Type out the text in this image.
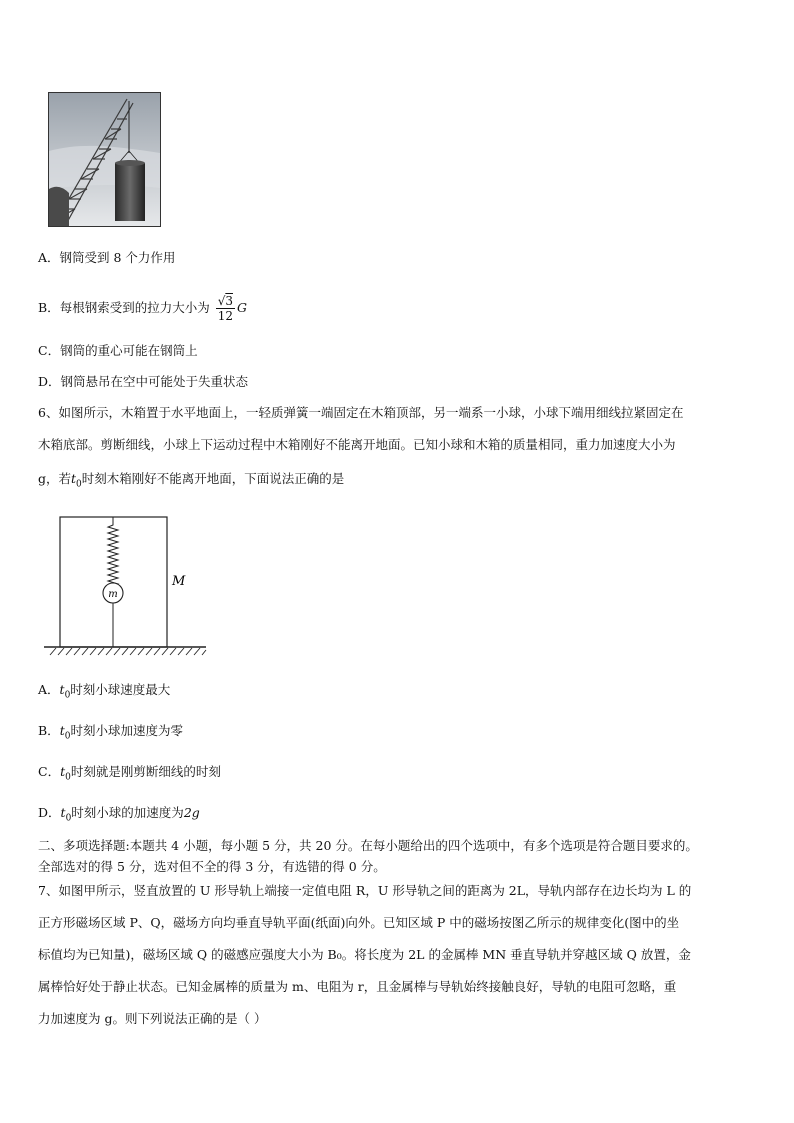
A．钢筒受到 8 个力作用
B．每根钢索受到的拉力大小为 $\frac{√3}{12}$ G
C．钢筒的重心可能在钢筒上
D．钢筒悬吊在空中可能处于失重状态
6、如图所示，木箱置于水平地面上，一轻质弹簧一端固定在木箱顶部，另一端系一小球，小球下端用细线拉紧固定在
木箱底部。剪断细线，小球上下运动过程中木箱刚好不能离开地面。已知小球和木箱的质量相同，重力加速度大小为
g，若$t_0$时刻木箱刚好不能离开地面，下面说法正确的是
m
M
A．$t_0$时刻小球速度最大
B．$t_0$时刻小球加速度为零
C．$t_0$时刻就是刚剪断细线的时刻
D．$t_0$时刻小球的加速度为2g
二、多项选择题:本题共 4 小题，每小题 5 分，共 20 分。在每小题给出的四个选项中，有多个选项是符合题目要求的。
全部选对的得 5 分，选对但不全的得 3 分，有选错的得 0 分。
7、如图甲所示，竖直放置的 U 形导轨上端接一定值电阻 R，U 形导轨之间的距离为 2L，导轨内部存在边长均为 L 的
正方形磁场区域 P、Q，磁场方向均垂直导轨平面(纸面)向外。已知区域 P 中的磁场按图乙所示的规律变化(图中的坐
标值均为已知量)，磁场区域 Q 的磁感应强度大小为 B₀。将长度为 2L 的金属棒 MN 垂直导轨并穿越区域 Q 放置，金
属棒恰好处于静止状态。已知金属棒的质量为 m、电阻为 r，且金属棒与导轨始终接触良好，导轨的电阻可忽略，重
力加速度为 g。则下列说法正确的是（ ）
